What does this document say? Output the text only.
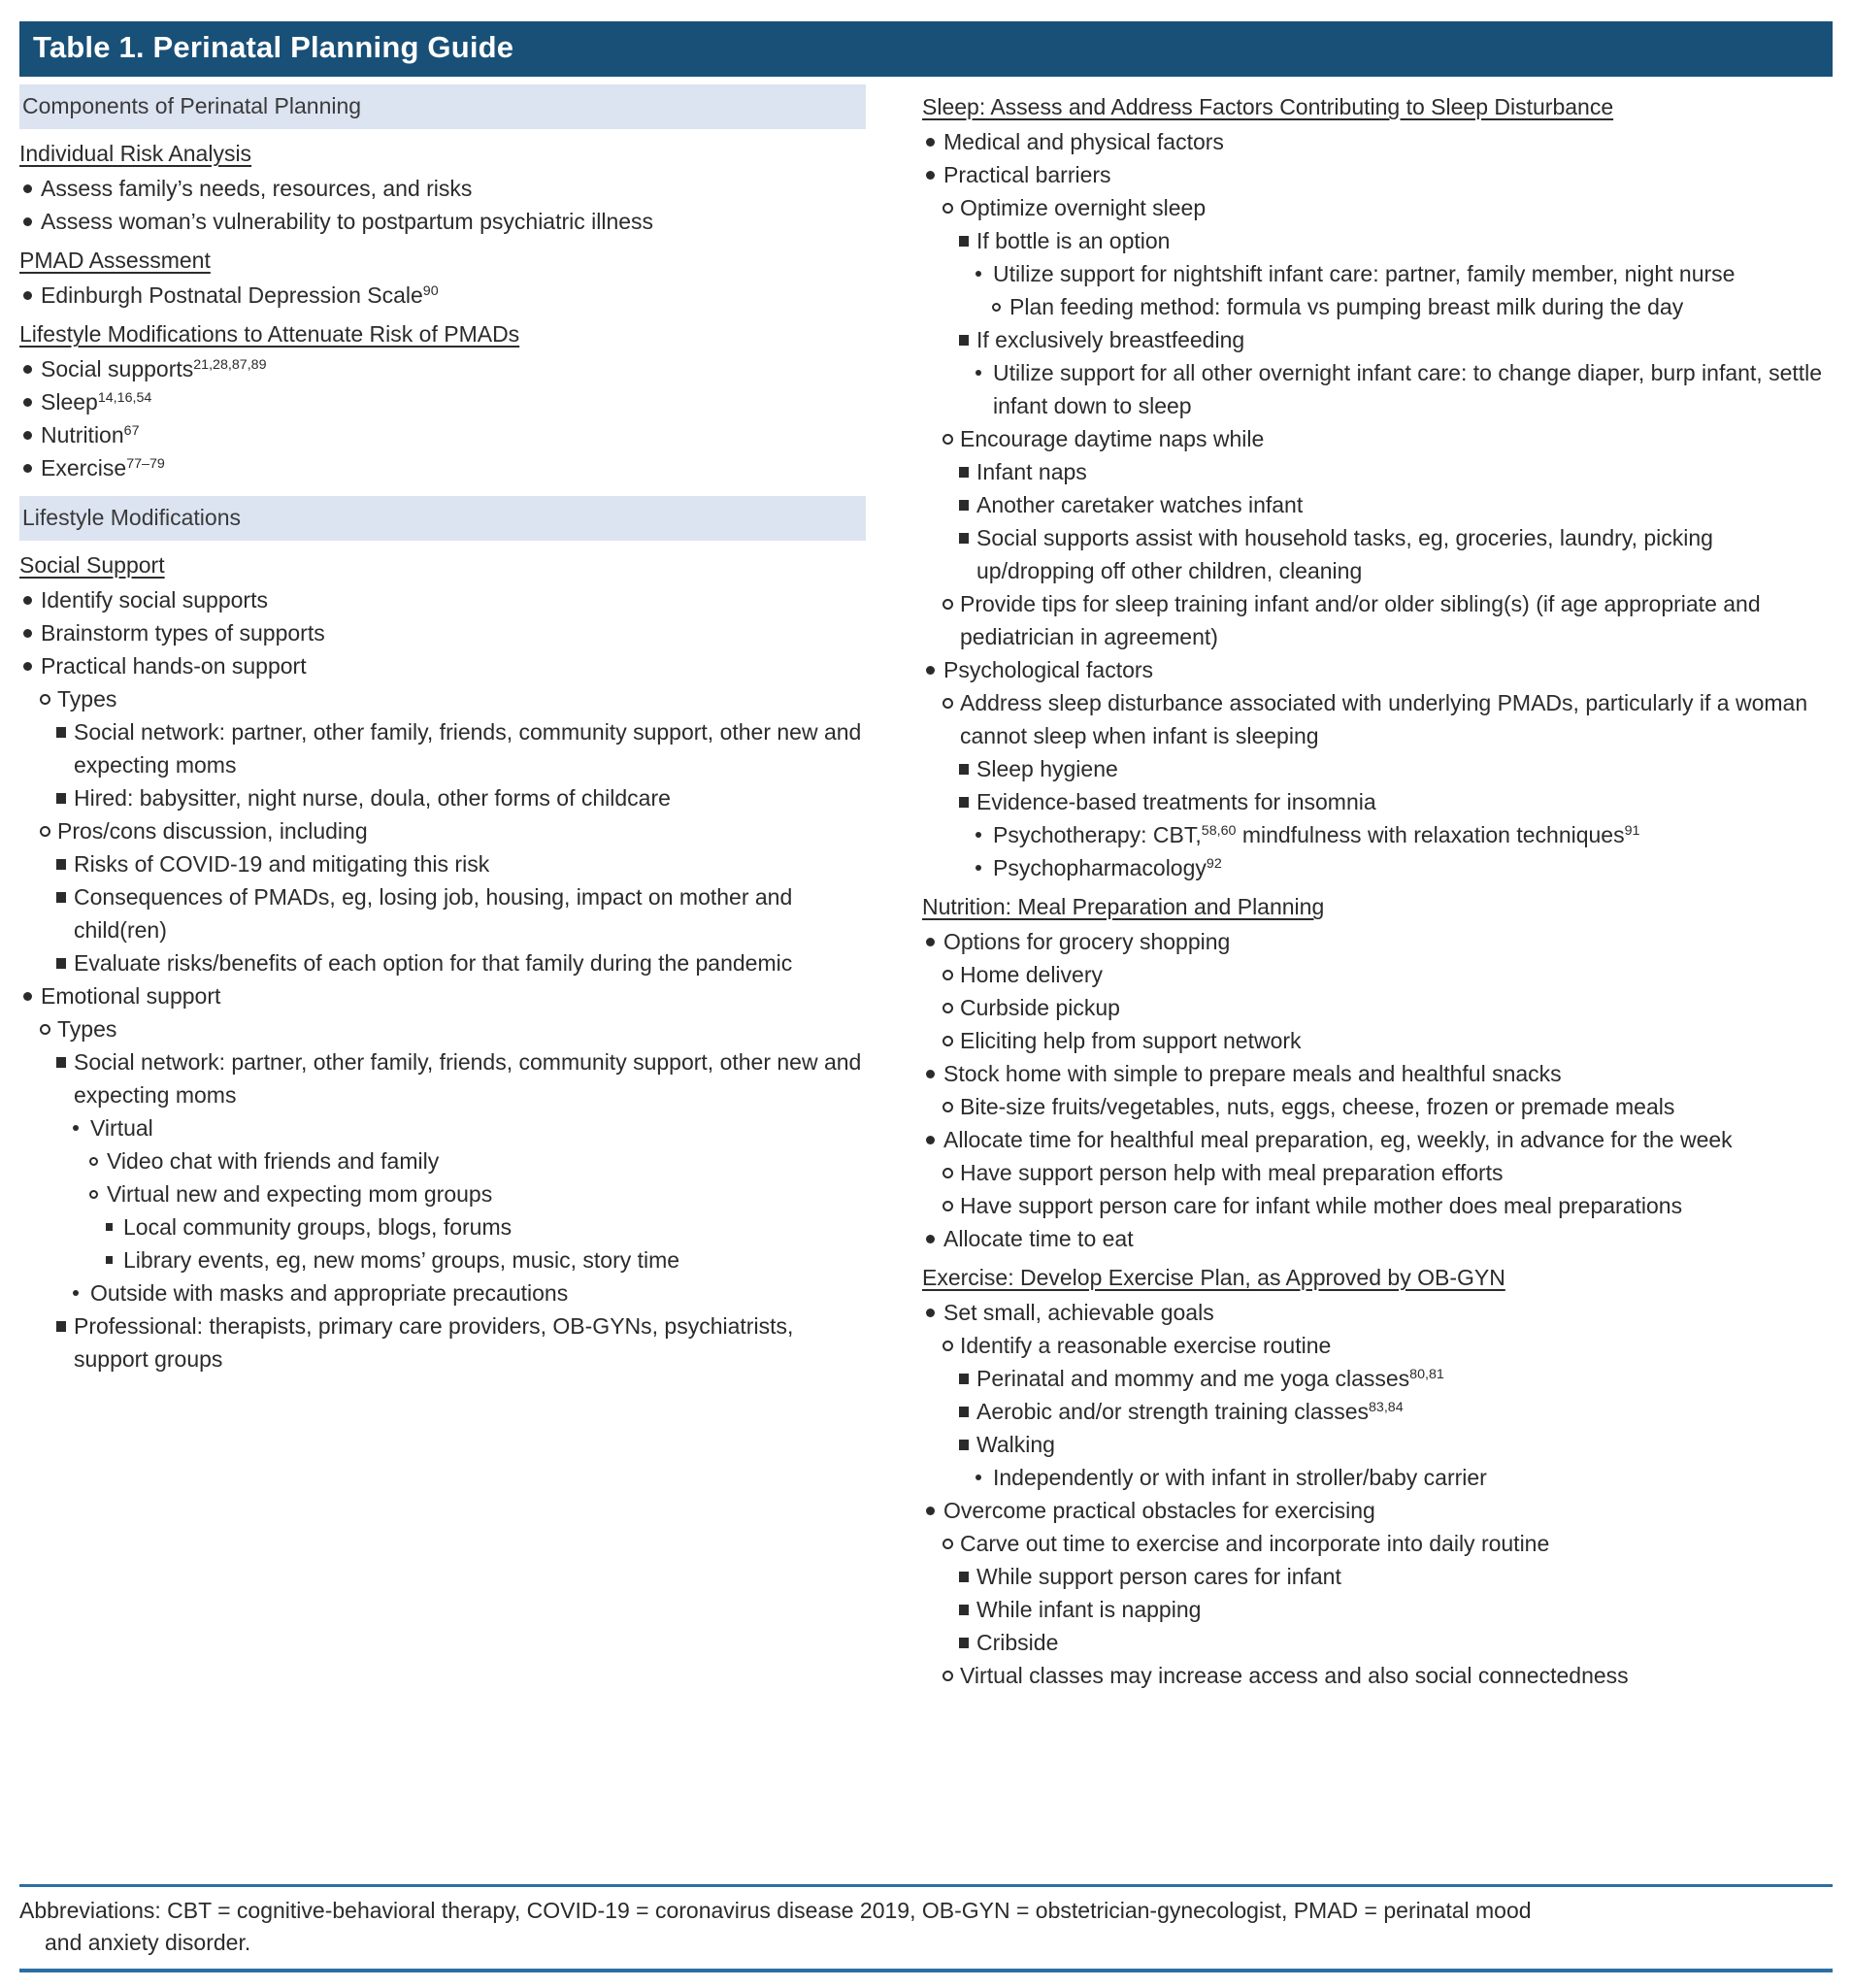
Table 1. Perinatal Planning Guide
Components of Perinatal Planning
Individual Risk Analysis
Assess family’s needs, resources, and risks
Assess woman’s vulnerability to postpartum psychiatric illness
PMAD Assessment
Edinburgh Postnatal Depression Scale$^{90}$
Lifestyle Modifications to Attenuate Risk of PMADs
Social supports$^{21,28,87,89}$
Sleep$^{14,16,54}$
Nutrition$^{67}$
Exercise$^{77-79}$
Lifestyle Modifications
Social Support
Identify social supports
Brainstorm types of supports
Practical hands-on support
Types
Social network: partner, other family, friends, community support, other new and expecting moms
Hired: babysitter, night nurse, doula, other forms of childcare
Pros/cons discussion, including
Risks of COVID-19 and mitigating this risk
Consequences of PMADs, eg, losing job, housing, impact on mother and child(ren)
Evaluate risks/benefits of each option for that family during the pandemic
Emotional support
Types
Social network: partner, other family, friends, community support, other new and expecting moms
Virtual
Video chat with friends and family
Virtual new and expecting mom groups
Local community groups, blogs, forums
Library events, eg, new moms’ groups, music, story time
Outside with masks and appropriate precautions
Professional: therapists, primary care providers, OB-GYNs, psychiatrists, support groups
Sleep: Assess and Address Factors Contributing to Sleep Disturbance
Medical and physical factors
Practical barriers
Optimize overnight sleep
If bottle is an option
Utilize support for nightshift infant care: partner, family member, night nurse
Plan feeding method: formula vs pumping breast milk during the day
If exclusively breastfeeding
Utilize support for all other overnight infant care: to change diaper, burp infant, settle infant down to sleep
Encourage daytime naps while
Infant naps
Another caretaker watches infant
Social supports assist with household tasks, eg, groceries, laundry, picking up/dropping off other children, cleaning
Provide tips for sleep training infant and/or older sibling(s) (if age appropriate and pediatrician in agreement)
Psychological factors
Address sleep disturbance associated with underlying PMADs, particularly if a woman cannot sleep when infant is sleeping
Sleep hygiene
Evidence-based treatments for insomnia
Psychotherapy: CBT,$^{58,60}$ mindfulness with relaxation techniques$^{91}$
Psychopharmacology$^{92}$
Nutrition: Meal Preparation and Planning
Options for grocery shopping
Home delivery
Curbside pickup
Eliciting help from support network
Stock home with simple to prepare meals and healthful snacks
Bite-size fruits/vegetables, nuts, eggs, cheese, frozen or premade meals
Allocate time for healthful meal preparation, eg, weekly, in advance for the week
Have support person help with meal preparation efforts
Have support person care for infant while mother does meal preparations
Allocate time to eat
Exercise: Develop Exercise Plan, as Approved by OB-GYN
Set small, achievable goals
Identify a reasonable exercise routine
Perinatal and mommy and me yoga classes$^{80,81}$
Aerobic and/or strength training classes$^{83,84}$
Walking
Independently or with infant in stroller/baby carrier
Overcome practical obstacles for exercising
Carve out time to exercise and incorporate into daily routine
While support person cares for infant
While infant is napping
Cribside
Virtual classes may increase access and also social connectedness
Abbreviations: CBT = cognitive-behavioral therapy, COVID-19 = coronavirus disease 2019, OB-GYN = obstetrician-gynecologist, PMAD = perinatal mood and anxiety disorder.
